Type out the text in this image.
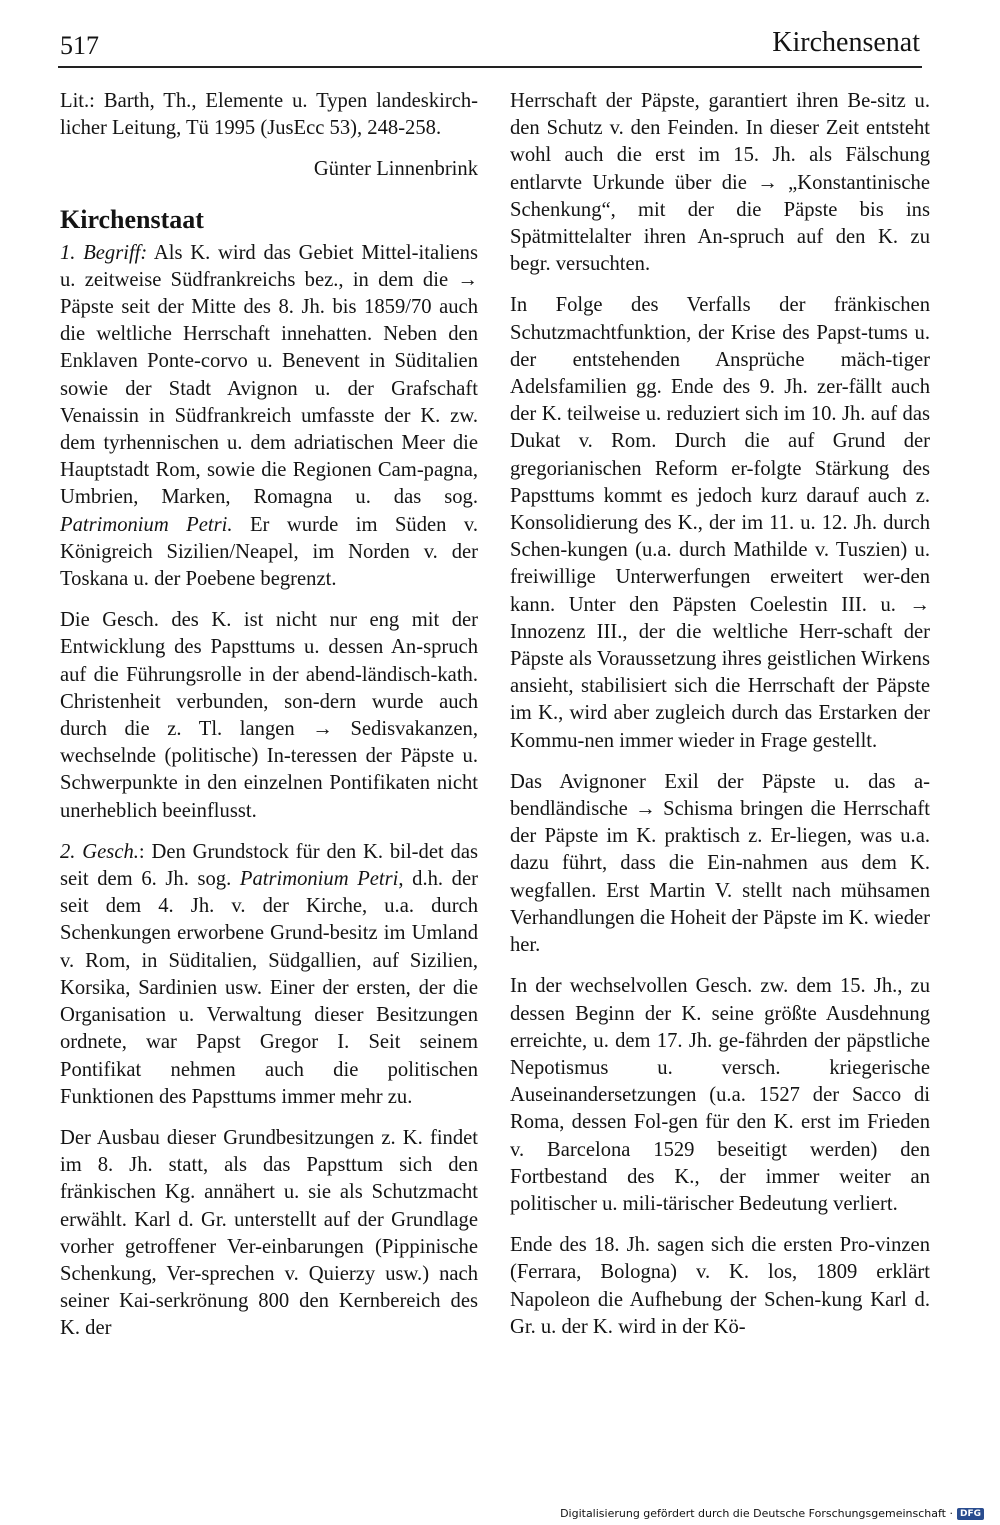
517	Kirchensenat

Lit.: Barth, Th., Elemente u. Typen landeskirch-licher Leitung, Tü 1995 (JusEcc 53), 248-258.

Günter Linnenbrink

Kirchenstaat

1. Begriff: Als K. wird das Gebiet Mittel-italiens u. zeitweise Südfrankreichs bez., in dem die → Päpste seit der Mitte des 8. Jh. bis 1859/70 auch die weltliche Herrschaft innehatten. Neben den Enklaven Ponte-corvo u. Benevent in Süditalien sowie der Stadt Avignon u. der Grafschaft Venaissin in Südfrankreich umfasste der K. zw. dem tyrhennischen u. dem adriatischen Meer die Hauptstadt Rom, sowie die Regionen Cam-pagna, Umbrien, Marken, Romagna u. das sog. Patrimonium Petri. Er wurde im Süden v. Königreich Sizilien/Neapel, im Norden v. der Toskana u. der Poebene begrenzt.

Die Gesch. des K. ist nicht nur eng mit der Entwicklung des Papsttums u. dessen An-spruch auf die Führungsrolle in der abend-ländisch-kath. Christenheit verbunden, son-dern wurde auch durch die z. Tl. langen → Sedisvakanzen, wechselnde (politische) In-teressen der Päpste u. Schwerpunkte in den einzelnen Pontifikaten nicht unerheblich beeinflusst.

2. Gesch.: Den Grundstock für den K. bil-det das seit dem 6. Jh. sog. Patrimonium Petri, d.h. der seit dem 4. Jh. v. der Kirche, u.a. durch Schenkungen erworbene Grund-besitz im Umland v. Rom, in Süditalien, Südgallien, auf Sizilien, Korsika, Sardinien usw. Einer der ersten, der die Organisation u. Verwaltung dieser Besitzungen ordnete, war Papst Gregor I. Seit seinem Pontifikat nehmen auch die politischen Funktionen des Papsttums immer mehr zu.

Der Ausbau dieser Grundbesitzungen z. K. findet im 8. Jh. statt, als das Papsttum sich den fränkischen Kg. annähert u. sie als Schutzmacht erwählt. Karl d. Gr. unterstellt auf der Grundlage vorher getroffener Ver-einbarungen (Pippinische Schenkung, Ver-sprechen v. Quierzy usw.) nach seiner Kai-serkrönung 800 den Kernbereich des K. der

Herrschaft der Päpste, garantiert ihren Be-sitz u. den Schutz v. den Feinden. In dieser Zeit entsteht wohl auch die erst im 15. Jh. als Fälschung entlarvte Urkunde über die → „Konstantinische Schenkung“, mit der die Päpste bis ins Spätmittelalter ihren An-spruch auf den K. zu begr. versuchten.

In Folge des Verfalls der fränkischen Schutzmachtfunktion, der Krise des Papst-tums u. der entstehenden Ansprüche mäch-tiger Adelsfamilien gg. Ende des 9. Jh. zer-fällt auch der K. teilweise u. reduziert sich im 10. Jh. auf das Dukat v. Rom. Durch die auf Grund der gregorianischen Reform er-folgte Stärkung des Papsttums kommt es jedoch kurz darauf auch z. Konsolidierung des K., der im 11. u. 12. Jh. durch Schen-kungen (u.a. durch Mathilde v. Tuszien) u. freiwillige Unterwerfungen erweitert wer-den kann. Unter den Päpsten Coelestin III. u. → Innozenz III., der die weltliche Herr-schaft der Päpste als Voraussetzung ihres geistlichen Wirkens ansieht, stabilisiert sich die Herrschaft der Päpste im K., wird aber zugleich durch das Erstarken der Kommu-nen immer wieder in Frage gestellt.

Das Avignoner Exil der Päpste u. das a-bendländische → Schisma bringen die Herrschaft der Päpste im K. praktisch z. Er-liegen, was u.a. dazu führt, dass die Ein-nahmen aus dem K. wegfallen. Erst Martin V. stellt nach mühsamen Verhandlungen die Hoheit der Päpste im K. wieder her.

In der wechselvollen Gesch. zw. dem 15. Jh., zu dessen Beginn der K. seine größte Ausdehnung erreichte, u. dem 17. Jh. ge-fährden der päpstliche Nepotismus u. versch. kriegerische Auseinandersetzungen (u.a. 1527 der Sacco di Roma, dessen Fol-gen für den K. erst im Frieden v. Barcelona 1529 beseitigt werden) den Fortbestand des K., der immer weiter an politischer u. mili-tärischer Bedeutung verliert.

Ende des 18. Jh. sagen sich die ersten Pro-vinzen (Ferrara, Bologna) v. K. los, 1809 erklärt Napoleon die Aufhebung der Schen-kung Karl d. Gr. u. der K. wird in der Kö-

Digitalisierung gefördert durch die Deutsche Forschungsgemeinschaft · DFG
